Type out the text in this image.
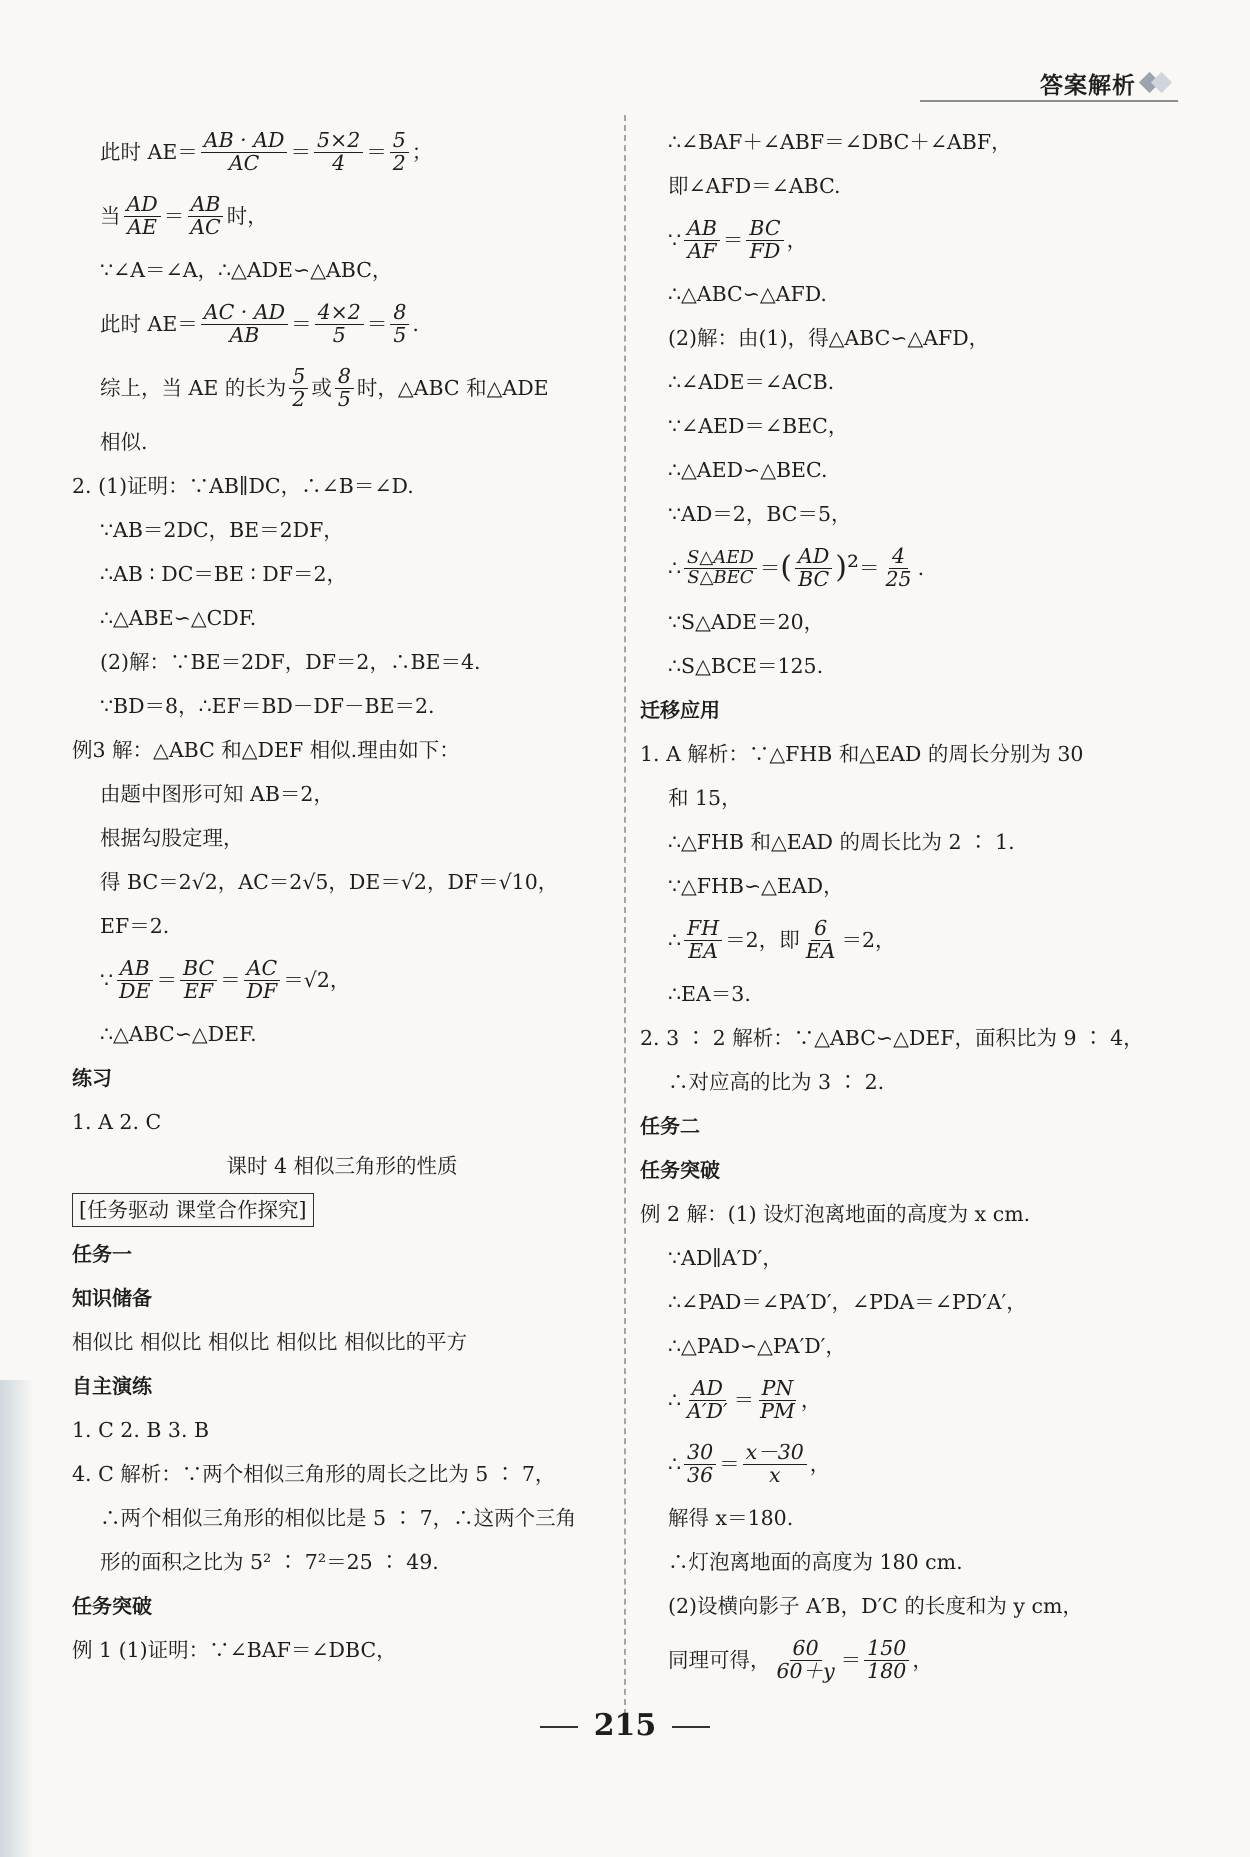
答案解析
此时 $AE= \frac{AB \cdot AD}{AC} = \frac{5\times 2}{4} = \frac{5}{2}$ ；
当 $\frac{AD}{AE} = \frac{AB}{AC}$ 时，
∵∠A＝∠A，∴△ADE∽△ABC，
此时 $AE= \frac{AC \cdot AD}{AB} = \frac{4\times 2}{5} = \frac{8}{5}$ .
综上，当 AE 的长为 $\frac{5}{2}$ 或 $\frac{8}{5}$ 时，△ABC 和△ADE
相似.
2. (1)证明：∵AB∥DC，∴∠B＝∠D.
∵AB＝2DC，BE＝2DF，
∴AB ∶ DC＝BE ∶ DF＝2，
∴△ABE∽△CDF.
(2)解：∵BE＝2DF，DF＝2，∴BE＝4.
∵BD＝8，∴EF＝BD－DF－BE＝2.
例3 解：△ABC 和△DEF 相似.理由如下：
由题中图形可知 AB＝2，
根据勾股定理，
得 BC＝2√2，AC＝2√5，DE＝√2，DF＝√10，
EF＝2.
∵ $\frac{AB}{DE} = \frac{BC}{EF} = \frac{AC}{DF} =√2$，
∴△ABC∽△DEF.
练习
1. A 2. C
课时 4 相似三角形的性质
[任务驱动 课堂合作探究]
任务一
知识储备
相似比 相似比 相似比 相似比 相似比的平方
自主演练
1. C 2. B 3. B
4. C 解析：∵两个相似三角形的周长之比为 5 ∶ 7，
∴两个相似三角形的相似比是 5 ∶ 7，∴这两个三角
形的面积之比为 5² ∶ 7²＝25 ∶ 49.
任务突破
例 1 (1)证明：∵∠BAF＝∠DBC，
∴∠BAF＋∠ABF＝∠DBC＋∠ABF，
即∠AFD＝∠ABC.
∵ $\frac{AB}{AF} = \frac{BC}{FD}$ ，
∴△ABC∽△AFD.
(2)解：由(1)，得△ABC∽△AFD，
∴∠ADE＝∠ACB.
∵∠AED＝∠BEC，
∴△AED∽△BEC.
∵AD＝2，BC＝5，
∴ $\frac{\text{S△AED}}{\text{S△BEC}}$ ＝ ( $\frac{AD}{BC} )^2 = \frac{4}{25}$ .
∵S△ADE＝20，
∴S△BCE＝125.
迁移应用
1. A 解析：∵△FHB 和△EAD 的周长分别为 30
和 15，
∴△FHB 和△EAD 的周长比为 2 ∶ 1.
∵△FHB∽△EAD，
∴ $\frac{FH}{EA} =2$，即 $\frac{6}{EA} =2$，
∴EA＝3.
2. 3 ∶ 2 解析：∵△ABC∽△DEF，面积比为 9 ∶ 4，
∴对应高的比为 3 ∶ 2.
任务二
任务突破
例 2 解：(1) 设灯泡离地面的高度为 x cm.
∵AD∥A′D′，
∴∠PAD＝∠PA′D′，∠PDA＝∠PD′A′，
∴△PAD∽△PA′D′，
∴ $\frac{AD}{A'D'} = \frac{PN}{PM}$ ，
∴ $\frac{30}{36} = \frac{x-30}{x}$ ，
解得 x＝180.
∴灯泡离地面的高度为 180 cm.
(2)设横向影子 A′B，D′C 的长度和为 y cm，
同理可得， $\frac{60}{60+y} = \frac{150}{180}$ ，
215
